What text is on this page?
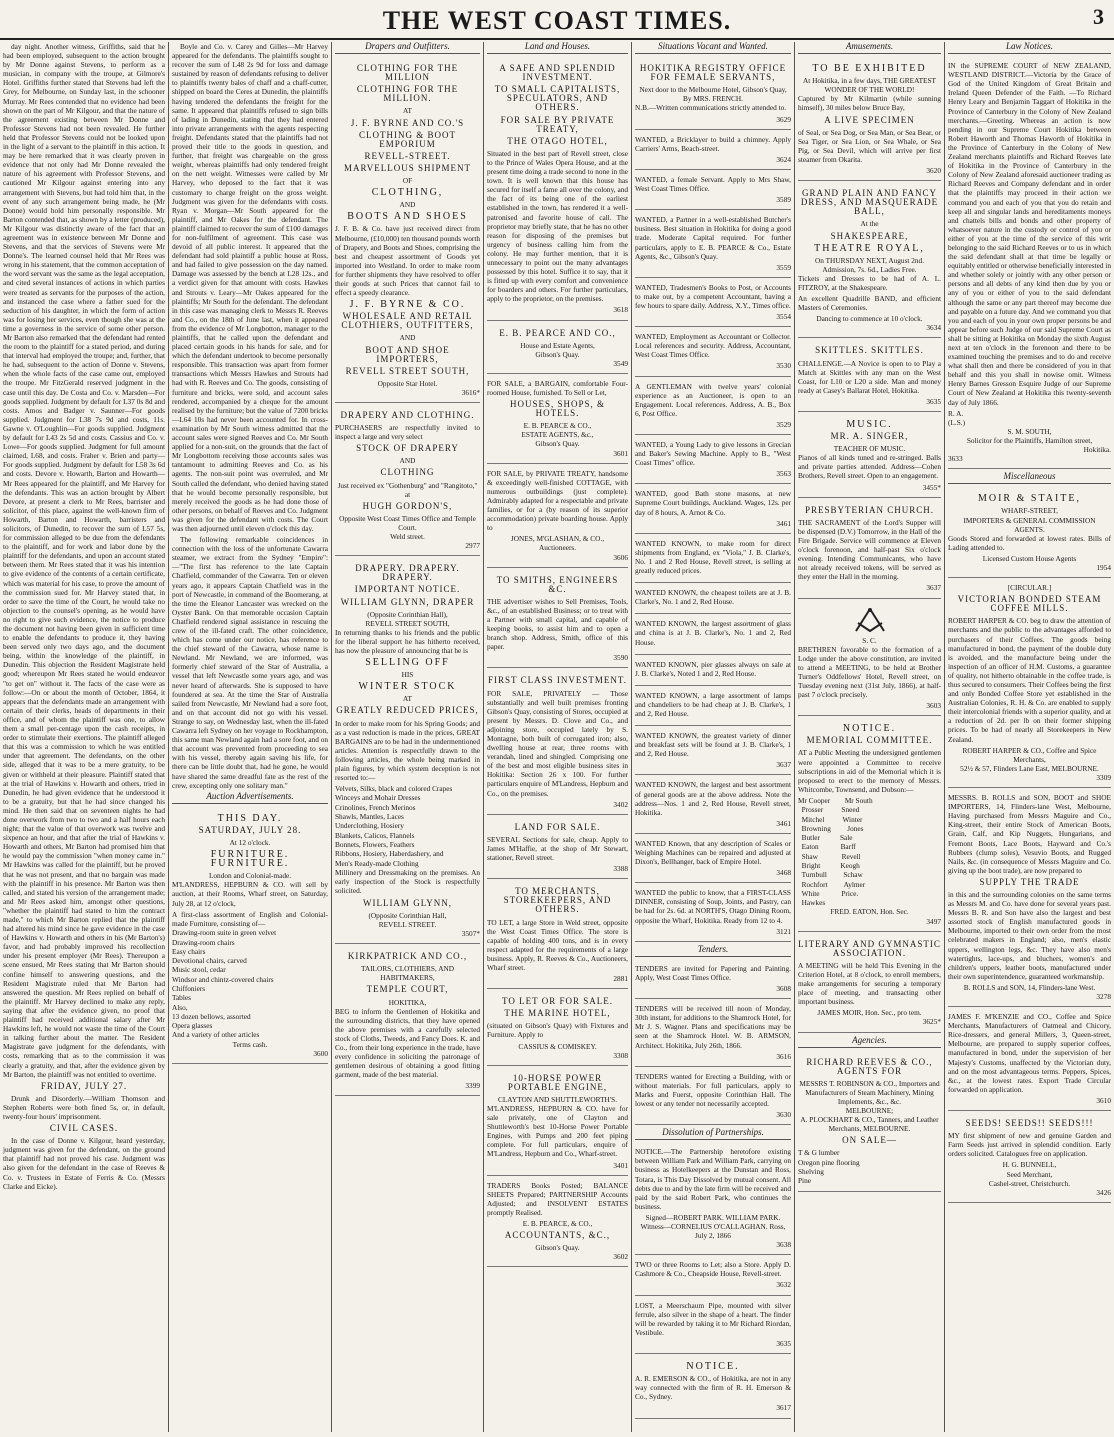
THE WEST COAST TIMES.	3

day night. Another witness, Griffiths, said that he had been employed, subsequent to the action brought by Mr Donne against Stevens, to perform as a musician, in company with the troupe, at Gilmore's Hotel. Griffiths further stated that Stevens had left the Grey, for Melbourne, on Sunday last, in the schooner Murray. Mr Rees contended that no evidence had been shown on the part of Mr Kilgour, and that the nature of the agreement existing between Mr Donne and Professor Stevens had not been revealed. He further held that Professor Stevens could not be looked upon in the light of a servant to the plaintiff in this action. It may be here remarked that it was clearly proven in evidence that not only had Mr Donne revealed the nature of his agreement with Professor Stevens, and cautioned Mr Kilgour against entering into any arrangement with Stevens, but had told him that, in the event of any such arrangement being made, he (Mr Donne) would hold him personally responsible. Mr Barton contended that, as shown by a letter (produced), Mr Kilgour was distinctly aware of the fact that an agreement was in existence between Mr Donne and Stevens, and that the services of Stevens were Mr Donne's. The learned counsel held that Mr Rees was wrong in his statement, that the common acceptation of the word servant was the same as the legal acceptation, and cited several instances of actions in which parties were treated as servants for the purposes of the action, and instanced the case where a father sued for the seduction of his daughter, in which the form of action was for losing her services, even though she was at the time a governess in the service of some other person. Mr Barton also remarked that the defendant had rented the room to the plaintiff for a stated period, and during that interval had employed the troupe; and, further, that he had, subsequent to the action of Donne v. Stevens, when the whole facts of the case came out, employed the troupe. Mr FitzGerald reserved judgment in the case until this day. De Costa and Co. v. Marsden—For goods supplied. Judgment by default for L37 0s 8d and costs. Amos and Badger v. Saunner—For goods supplied. Judgment for L38 7s 9d and costs, 11s. Gawne v. O'Loughlin—For goods supplied. Judgment by default for L43 2s 5d and costs. Cassius and Co. v. Lowe—For goods supplied. Judgment for full amount claimed, L68, and costs. Fraher v. Brien and party—For goods supplied. Judgment by default for L58 3s 6d and costs. Devore v. Howarth, Barton and Howarth—Mr Rees appeared for the plaintiff, and Mr Harvey for the defendants. This was an action brought by Albert Devore, at present a clerk to Mr Rees, barrister and solicitor, of this place, against the well-known firm of Howarth, Barton and Howarth, barristers and solicitors, of Dunedin, to recover the sum of L57 5s, for commission alleged to be due from the defendants to the plaintiff, and for work and labor done by the plaintiff for the defendants, and upon an account stated between them. Mr Rees stated that it was his intention to give evidence of the contents of a certain certificate, which was material for his case, to prove the amount of the commission sued for. Mr Harvey stated that, in order to save the time of the Court, he would take no objection to the counsel's opening, as he would have no right to give such evidence, the notice to produce the document not having been given in sufficient time to enable the defendants to produce it, they having been served only two days ago, and the document being, within the knowledge of the plaintiff, in Dunedin. This objection the Resident Magistrate held good; whereupon Mr Rees stated he would endeavor "to get on" without it. The facts of the case were as follow:—On or about the month of October, 1864, it appears that the defendants made an arrangement with certain of their clerks, heads of departments in their office, and of whom the plaintiff was one, to allow them a small per-centage upon the cash receipts, in order to stimulate their exertions. The plaintiff alleged that this was a commission to which he was entitled under that agreement. The defendants, on the other side, alleged that it was to be a mere gratuity, to be given or withheld at their pleasure. Plaintiff stated that at the trial of Hawkins v. Howarth and others, tried in Dunedin, he had given evidence that he understood it to be a gratuity, but that he had since changed his mind. He then said that on seventeen nights he had done overwork from two to two and a half hours each night; that the value of that overwork was twelve and sixpence an hour, and that after the trial of Hawkins v. Howarth and others, Mr Barton had promised him that he would pay the commission "when money came in." Mr Hawkins was called for the plaintiff, but he proved that he was not present, and that no bargain was made with the plaintiff in his presence. Mr Barton was then called, and stated his version of the arrangement made; and Mr Rees asked him, amongst other questions, "whether the plaintiff had stated to him the contract made," to which Mr Barton replied that the plaintiff had altered his mind since he gave evidence in the case of Hawkins v. Howarth and others in his (Mr Barton's) favor, and had probably improved his recollection under his present employer (Mr Rees). Thereupon a scene ensued, Mr Rees stating that Mr Barton should confine himself to answering questions, and the Resident Magistrate ruled that Mr Barton had answered the question. Mr Rees replied on behalf of the plaintiff. Mr Harvey declined to make any reply, saying that after the evidence given, no proof that plaintiff had received additional salary after Mr Hawkins left, he would not waste the time of the Court in talking further about the matter. The Resident Magistrate gave judgment for the defendants, with costs, remarking that as to the commission it was clearly a gratuity, and that, after the evidence given by Mr Barton, the plaintiff was not entitled to overtime.

FRIDAY, JULY 27.

Drunk and Disorderly.—William Thomson and Stephen Roberts were both fined 5s, or, in default, twenty-four hours' imprisonment.

CIVIL CASES.

In the case of Donne v. Kilgour, heard yesterday, judgment was given for the defendant, on the ground that plaintiff had not proved his case. Judgment was also given for the defendant in the case of Reeves & Co. v. Trustees in Estate of Ferris & Co. (Messrs Clarke and Eicke).

Boyle and Co. v. Carey and Gilles—Mr Harvey appeared for the defendants. The plaintiffs sought to recover the sum of L48 2s 9d for loss and damage sustained by reason of defendants refusing to deliver to plaintiffs twenty bales of chaff and a chaff-cutter, shipped on board the Ceres at Dunedin, the plaintiffs having tendered the defendants the freight for the same. It appeared that plaintiffs refused to sign bills of lading in Dunedin, stating that they had entered into private arrangements with the agents respecting freight. Defendants stated that the plaintiffs had not proved their title to the goods in question, and further, that freight was chargeable on the gross weight, whereas plaintiffs had only tendered freight on the nett weight. Witnesses were called by Mr Harvey, who deposed to the fact that it was customary to charge freight on the gross weight. Judgment was given for the defendants with costs. Ryan v. Morgan—Mr South appeared for the plaintiff, and Mr Oakes for the defendant. The plaintiff claimed to recover the sum of £100 damages for non-fulfilment of agreement. This case was devoid of all public interest. It appeared that the defendant had sold plaintiff a public house at Ross, and had failed to give possession on the day named. Damage was assessed by the bench at L28 12s., and a verdict given for that amount with costs. Hawkes and Strouts v. Leary—Mr Oakes appeared for the plaintiffs; Mr South for the defendant. The defendant in this case was managing clerk to Messrs R. Reeves and Co., on the 18th of June last, when it appeared from the evidence of Mr Longbotton, manager to the plaintiffs, that he called upon the defendant and placed certain goods in his hands for sale, and for which the defendant undertook to become personally responsible. This transaction was apart from former transactions which Messrs Hawkes and Strouts had had with R. Reeves and Co. The goods, consisting of furniture and bricks, were sold, and account sales rendered, accompanied by a cheque for the amount realised by the furniture; but the value of 7200 bricks—L64 10s had never been accounted for. In cross-examination by Mr South witness admitted that the account sales were signed Reeves and Co. Mr South applied for a non-suit, on the grounds that the fact of Mr Longbottom receiving those accounts sales was tantamount to admitting Reeves and Co. as his agents. The non-suit point was overruled, and Mr South called the defendant, who denied having stated that he would become personally responsible, but merely received the goods as he had done those of other persons, on behalf of Reeves and Co. Judgment was given for the defendant with costs. The Court was then adjourned until eleven o'clock this day.

The following remarkable coincidences in connection with the loss of the unfortunate Cawarra steamer, we extract from the Sydney "Empire":—"The first has reference to the late Captain Chatfield, commander of the Cawarra. Ten or eleven years ago, it appears Captain Chatfield was in the port of Newcastle, in command of the Boomerang, at the time the Eleanor Lancaster was wrecked on the Oyster Bank. On that memorable occasion Captain Chatfield rendered signal assistance in rescuing the crew of the ill-fated craft. The other coincidence, which has come under our notice, has reference to the chief steward of the Cawarra, whose name is Newland. Mr Newland, we are informed, was formerly chief steward of the Star of Australia, a vessel that left Newcastle some years ago, and was never heard of afterwards. She is supposed to have foundered at sea. At the time the Star of Australia sailed from Newcastle, Mr Newland had a sore foot, and on that account did not go with his vessel. Strange to say, on Wednesday last, when the ill-fated Cawarra left Sydney on her voyage to Rockhampton, this same man Newland again had a sore foot, and on that account was prevented from proceeding to sea with his vessel, thereby again saving his life, for there can be little doubt that, had he gone, he would have shared the same dreadful fate as the rest of the crew, excepting only one solitary man."

Auction Advertisements.
THIS DAY.
SATURDAY, JULY 28.
At 12 o'clock.
FURNITURE. FURNITURE.
London and Colonial-made.

M'LANDRESS, HEPBURN & CO. will sell by auction, at their Rooms, Wharf street, on Saturday, July 28, at 12 o'clock,

A first-class assortment of English and Colonial-made Furniture, consisting of—
Drawing-room suite in green velvet
Drawing-room chairs
Easy chairs
Devotional chairs, carved
Music stool, cedar
Windsor and chintz-covered chairs
Chiffoniers
Tables
Also,
13 dozen bellows, assorted
Opera glasses
And a variety of other articles
Terms cash.
3600
Drapers and Outfitters.
CLOTHING FOR THE MILLION
CLOTHING FOR THE MILLION.
AT
J. F. BYRNE AND CO.'S
CLOTHING & BOOT EMPORIUM
REVELL-STREET.
MARVELLOUS SHIPMENT
OF
CLOTHING,
AND
BOOTS AND SHOES

J. F. B. & Co. have just received direct from Melbourne, (£10,000) ten thousand pounds worth of Drapery, and Boots and Shoes, comprising the best and cheapest assortment of Goods yet imported into Westland. In order to make room for further shipments they have resolved to offer their goods at such Prices that cannot fail to effect a speedy clearance.

J. F. BYRNE & CO.
WHOLESALE AND RETAIL CLOTHIERS, OUTFITTERS,
AND
BOOT AND SHOE IMPORTERS,
REVELL STREET SOUTH,
Opposite Star Hotel.
3616*
DRAPERY AND CLOTHING.

PURCHASERS are respectfully invited to inspect a large and very select

STOCK OF DRAPERY
AND
CLOTHING
Just received ex "Gothenburg" and "Rangitoto," at
HUGH GORDON'S,
Opposite West Coast Times Office and Temple Court.
Weld street.
2977
DRAPERY. DRAPERY. DRAPERY.
IMPORTANT NOTICE.
WILLIAM GLYNN, DRAPER
(Opposite Corinthian Hall),
REVELL STREET SOUTH,

In returning thanks to his friends and the public for the liberal support he has hitherto received, has now the pleasure of announcing that he is

SELLING OFF
HIS
WINTER STOCK
AT
GREATLY REDUCED PRICES,

In order to make room for his Spring Goods; and as a vast reduction is made in the prices, GREAT BARGAINS are to be had in the undermentioned articles. Attention is respectfully drawn to the following articles, the whole being marked in plain figures, by which system deception is not resorted to:—

Velvets, Silks, black and colored Crapes
Winceys and Mohair Dresses
Crinolines, French Merinos
Shawls, Mantles, Laces
Underclothing, Hosiery
Blankets, Calicos, Flannels
Bonnets, Flowers, Feathers
Ribbons, Hosiery, Haberdashery, and
Men's Ready-made Clothing
Millinery and Dressmaking on the premises. An early inspection of the Stock is respectfully solicited.
WILLIAM GLYNN,
(Opposite Corinthian Hall,
REVELL STREET.
3507*
KIRKPATRICK AND CO.,
TAILORS, CLOTHIERS, AND HABITMAKERS,
TEMPLE COURT,
HOKITIKA,

BEG to inform the Gentlemen of Hokitika and the surrounding districts, that they have opened the above premises with a carefully selected stock of Cloths, Tweeds, and Fancy Does. K. and Co., from their long experience in the trade, have every confidence in soliciting the patronage of gentlemen desirous of obtaining a good fitting garment, made of the best material.

3399
Land and Houses.
A SAFE AND SPLENDID INVESTMENT.
TO SMALL CAPITALISTS, SPECULATORS, AND OTHERS.
FOR SALE BY PRIVATE TREATY,
THE OTAGO HOTEL,

Situated in the best part of Revell street, close to the Prince of Wales Opera House, and at the present time doing a trade second to none in the town. It is well known that this house has secured for itself a fame all over the colony, and the fact of its being one of the earliest established in the town, has rendered it a well-patronised and favorite house of call. The proprietor may briefly state, that he has no other reason for disposing of the premises but urgency of business calling him from the colony. He may further mention, that it is unnecessary to point out the many advantages possessed by this hotel. Suffice it to say, that it is fitted up with every comfort and convenience for boarders and others. For further particulars, apply to the proprietor, on the premises.

3618
E. B. PEARCE AND CO.,
House and Estate Agents,
Gibson's Quay.
3549

FOR SALE, a BARGAIN, comfortable Four-roomed House, furnished. To Sell or Let,

HOUSES, SHOPS, & HOTELS.
E. B. PEARCE & CO.,
ESTATE AGENTS, &c.,
Gibson's Quay.
3601

FOR SALE, by PRIVATE TREATY, handsome & exceedingly well-finished COTTAGE, with numerous outbuildings (just complete). Admirably adapted for a respectable and private families, or for a (by reason of its superior accommodation) private boarding house. Apply to

JONES, M'GLASHAN, & CO.,
Auctioneers.
3606
TO SMITHS, ENGINEERS &C.

THE advertiser wishes to Sell Premises, Tools, &c., of an established Business; or to treat with a Partner with small capital, and capable of keeping books, to assist him and to open a branch shop. Address, Smith, office of this paper.

3590
FIRST CLASS INVESTMENT.

FOR SALE, PRIVATELY — Those substantially and well built premises fronting Gibson's Quay, consisting of Stores, occupied at present by Messrs. D. Clove and Co., and adjoining store, occupied lately by S. Montagne, both built of corrugated iron; also, dwelling house at rear, three rooms with verandah, lined and shingled. Comprising one of the best and most eligible business sites in Hokitika: Section 26 x 100. For further particulars enquire of M'Landress, Hepburn and Co., on the premises.

3402
LAND FOR SALE.

SEVERAL Sections for sale, cheap. Apply to James M'Haffie, at the shop of Mr Stewart, stationer, Revell street.

3388
TO MERCHANTS, STOREKEEPERS, AND OTHERS.

TO LET, a large Store in Weld street, opposite the West Coast Times Office. The store is capable of holding 400 tons, and is in every respect adapted for the requirements of a large business. Apply, R. Reeves & Co., Auctioneers, Wharf street.

2881
TO LET OR FOR SALE.
THE MARINE HOTEL,

(situated on Gibson's Quay) with Fixtures and Furniture. Apply to

CASSIUS & COMISKEY.
3308
10-HORSE POWER PORTABLE ENGINE,
CLAYTON AND SHUTTLEWORTH'S.

M'LANDRESS, HEPBURN & CO. have for sale privately, one of Clayton and Shuttleworth's best 10-Horse Power Portable Engines, with Pumps and 200 feet piping complete. For full particulars, enquire of M'Landress, Hepburn and Co., Wharf-street.

3401

TRADERS Books Posted; BALANCE SHEETS Prepared; PARTNERSHIP Accounts Adjusted; and INSOLVENT ESTATES promptly Realised.

E. B. PEARCE, & CO.,
ACCOUNTANTS, &C.,
Gibson's Quay.
3602
Situations Vacant and Wanted.
HOKITIKA REGISTRY OFFICE FOR FEMALE SERVANTS,
Next door to the Melbourne Hotel, Gibson's Quay,
By MRS. FRENCH.

N.B.—Written communications strictly attended to.

3629

WANTED, a Bricklayer to build a chimney. Apply Carriers' Arms, Beach-street.

3624

WANTED, a female Servant. Apply to Mrs Shaw, West Coast Times Office.

3589

WANTED, a Partner in a well-established Butcher's business. Best situation in Hokitika for doing a good trade. Moderate Capital required. For further particulars, apply to E. B. PEARCE & Co., Estate Agents, &c., Gibson's Quay.

3559

WANTED, Tradesmen's Books to Post, or Accounts to make out, by a competent Accountant, having a few hours to spare daily. Address, X.Y., Times office.

3554

WANTED, Employment as Accountant or Collector. Local references and security. Address, Accountant, West Coast Times Office.

3530

A GENTLEMAN with twelve years' colonial experience as an Auctioneer, is open to an Engagement. Local references. Address, A. B., Box 6, Post Office.

3529

WANTED, a Young Lady to give lessons in Grecian and Baker's Sewing Machine. Apply to B., "West Coast Times" office.

3563

WANTED, good Bath stone masons, at new Supreme Court buildings, Auckland. Wages, 12s. per day of 8 hours, A. Arnot & Co.

3461

WANTED KNOWN, to make room for direct shipments from England, ex "Viola," J. B. Clarke's, No. 1 and 2 Red House, Revell street, is selling at greatly reduced prices.

WANTED KNOWN, the cheapest toilets are at J. B. Clarke's, No. 1 and 2, Red House.

WANTED KNOWN, the largest assortment of glass and china is at J. B. Clarke's, No. 1 and 2, Red House.

WANTED KNOWN, pier glasses always on sale at J. B. Clarke's, Noted 1 and 2, Red House.

WANTED KNOWN, a large assortment of lamps and chandeliers to be had cheap at J. B. Clarke's, 1 and 2, Red House.

WANTED KNOWN, the greatest variety of dinner and breakfast sets will be found at J. B. Clarke's, 1 and 2, Red House.

3637

WANTED KNOWN, the largest and best assortment of general goods are at the above address. Note the address—Nos. 1 and 2, Red House, Revell street, Hokitika.

3461

WANTED Known, that any description of Scales or Weighing Machines can be repaired and adjusted at Dixon's, Bellhanger, back of Empire Hotel.

3468

WANTED the public to know, that a FIRST-CLASS DINNER, consisting of Soup, Joints, and Pastry, can be had for 2s. 6d. at NORTH'S, Otago Dining Room, opposite the Wharf, Hokitika. Ready from 12 to 4.

3121
Tenders.

TENDERS are invited for Papering and Painting. Apply, West Coast Times Office.

3608

TENDERS will be received till noon of Monday, 30th instant, for additions to the Shamrock Hotel, for Mr J. S. Wagner. Plans and specifications may be seen at the Shamrock Hotel. W. B. ARMSON, Architect. Hokitika, July 26th, 1866.

3616

TENDERS wanted for Erecting a Building, with or without materials. For full particulars, apply to Marks and Fuerst, opposite Corinthian Hall. The lowest or any tender not necessarily accepted.

3630
Dissolution of Partnerships.

NOTICE.—The Partnership heretofore existing between William Park and William Park, carrying on business as Hotelkeepers at the Dunstan and Ross, Totara, is This Day Dissolved by mutual consent. All debts due to and by the late firm will be received and paid by the said Robert Park, who continues the business.

Signed—ROBERT PARK. WILLIAM PARK.
Witness—CORNELIUS O'CALLAGHAN. Ross, July 2, 1866
3638

TWO or three Rooms to Let; also a Store. Apply D. Cashmore & Co., Cheapside House, Revell-street.

3632

LOST, a Meerschaum Pipe, mounted with silver ferrule, also silver in the shape of a heart. The finder will be rewarded by taking it to Mr Richard Riordan, Vestibule.

3635
NOTICE.

A. R. EMERSON & CO., of Hokitika, are not in any way connected with the firm of R. H. Emerson & Co., Sydney.

3617
Amusements.
TO BE EXHIBITED
At Hokitika, in a few days, THE GREATEST WONDER OF THE WORLD!

Captured by Mr Kilmartin (while sunning himself), 30 miles below Bruce Bay,

A LIVE SPECIMEN

of Seal, or Sea Dog, or Sea Man, or Sea Bear, or Sea Tiger, or Sea Lion, or Sea Whale, or Sea Pig, or Sea Devil, which will arrive per first steamer from Okarita.

3620
GRAND PLAIN AND FANCY DRESS, AND MASQUERADE BALL,
At the
SHAKESPEARE,
THEATRE ROYAL,
On THURSDAY NEXT, August 2nd.
Admission, 7s. 6d., Ladies Free.

Tickets and Dresses to be had of A. L. FITZROY, at the Shakespeare.

An excellent Quadrille BAND, and efficient Masters of Ceremonies.

Dancing to commence at 10 o'clock.
3634
SKITTLES. SKITTLES.

CHALLENGE.—A Novice is open to to Play a Match at Skittles with any man on the West Coast, for L10 or L20 a side. Man and money ready at Casey's Ballarat Hotel, Hokitika.

3635
MUSIC.
MR. A. SINGER,
TEACHER OF MUSIC.

Pianos of all kinds tuned and re-stringed. Balls and private parties attended. Address—Cohen Brothers, Revell street. Open to an engagement.

3455*
PRESBYTERIAN CHURCH.

THE SACRAMENT of the Lord's Supper will be dispensed (D.V.) Tomorrow, in the Hall of the Fire Brigade. Service will commence at Eleven o'clock forenoon, and half-past Six o'clock evening. Intending Communicants, who have not already received tokens, will be served as they enter the Hall in the morning.

3637
S. C.

BRETHREN favorable to the formation of a Lodge under the above constitution, are invited to attend a MEETING, to be held at Brother Turner's Oddfellows' Hotel, Revell street, on Tuesday evening next (31st July, 1866), at half-past 7 o'clock precisely.

3603
NOTICE.
MEMORIAL COMMITTEE.

AT a Public Meeting the undersigned gentlemen were appointed a Committee to receive subscriptions in aid of the Memorial which it is proposed to erect to the memory of Messrs. Whitcombe, Townsend, and Dobson:—

Mr Cooper        Mr South
Prosser          Sneed
Mitchel          Winter
Browning         Jones
Butler           Sale
Eaton            Barff
Shaw             Revell
Bright           Keogh
Turnbull         Schaw
Rochfort         Aylmer
White            Price.
Hawkes
FRED. EATON, Hon. Sec.
3497
LITERARY AND GYMNASTIC ASSOCIATION.

A MEETING will be held This Evening in the Criterion Hotel, at 8 o'clock, to enroll members, make arrangements for securing a temporary place of meeting, and transacting other important business.

JAMES MOIR, Hon. Sec., pro tem.
3625*
Agencies.
RICHARD REEVES & CO., AGENTS FOR
MESSRS T. ROBINSON & CO., Importers and Manufacturers of Steam Machinery, Mining Implements, &c., &c.
MELBOURNE;
A. PLOCKHART & CO., Tanners, and Leather Merchants, MELBOURNE.
ON SALE—
T & G lumber
Oregon pine flooring
Shelving
Pine
Law Notices.

IN the SUPREME COURT of NEW ZEALAND, WESTLAND DISTRICT.—Victoria by the Grace of God of the United Kingdom of Great Britain and Ireland Queen Defender of the Faith. —To Richard Henry Leary and Benjamin Taggart of Hokitika in the Province of Canterbury in the Colony of New Zealand merchants.—Greeting. Whereas an action is now pending in our Supreme Court Hokitika between Robert Haworth and Thomas Haworth of Hokitika in the Province of Canterbury in the Colony of New Zealand merchants plaintiffs and Richard Reeves late of Hokitika in the Province of Canterbury in the Colony of New Zealand aforesaid auctioneer trading as Richard Reeves and Company defendant and in order that the plaintiffs may proceed in their action we command you and each of you that you do retain and keep all and singular lands and hereditaments moneys and chattels bills and bonds and other property of whatsoever nature in the custody or control of you or either of you at the time of the service of this writ belonging to the said Richard Reeves or to us in which the said defendant shall at that time be legally or equitably entitled or otherwise beneficially interested in and whether solely or jointly with any other person or persons and all debts of any kind then due by you or any of you or either of you to the said defendant although the same or any part thereof may become due and payable on a future day. And we command you that you and each of you in your own proper persons be and appear before such Judge of our said Supreme Court as shall be sitting at Hokitika on Monday the sixth August next at ten o'clock in the forenoon and there to be examined touching the premises and to do and receive what shall then and there be considered of you in that behalf and this you shall in nowise omit. Witness Henry Barnes Gresson Esquire Judge of our Supreme Court of New Zealand at Hokitika this twenty-seventh day of July 1866.

R. A.
(L.S.)
S. M. SOUTH,
Solicitor for the Plaintiffs, Hamilton street,
Hokitika.
3633
Miscellaneous
MOIR & STAITE,
WHARF-STREET,
IMPORTERS & GENERAL COMMISSION AGENTS.

Goods Stored and forwarded at lowest rates. Bills of Lading attended to.

Licensed Custom House Agents
1954
[CIRCULAR.]
VICTORIAN BONDED STEAM COFFEE MILLS.

ROBERT HARPER & CO. beg to draw the attention of merchants and the public to the advantages afforded to purchasers of their Coffees. The goods being manufactured in bond, the payment of the double duty is avoided, and the manufacture being under the inspection of an officer of H.M. Customs, a guarantee of quality, not hitherto obtainable in the coffee trade, is thus secured to consumers. Their Coffees being the first and only Bonded Coffee Store yet established in the Australian Colonies, R. H. & Co. are enabled to supply their intercolonial friends with a superior quality, and at a reduction of 2d. per lb on their former shipping prices. To be had of nearly all Storekeepers in New Zealand.

ROBERT HARPER & CO., Coffee and Spice Merchants,
52½ & 57, Flinders Lane East, MELBOURNE.
3309

MESSRS. B. ROLLS and SON, BOOT and SHOE IMPORTERS, 14, Flinders-lane West, Melbourne, Having purchased from Messrs Maguire and Co., King-street, their entire Stock of American Boots, Grain, Calf, and Kip Nuggets, Hungarians, and Fremont Boots, Lace Boots, Hayward and Co.'s Rubbers (clump soles), Vesuvio Boots, and Rugged Nails, &c. (in consequence of Messrs Maguire and Co. giving up the boot trade), are now prepared to

SUPPLY THE TRADE

in this and the surrounding colonies on the same terms as Messrs M. and Co. have done for several years past. Messrs B. R. and Son have also the largest and best assorted stock of English manufactured goods in Melbourne, imported to their own order from the most celebrated makers in England; also, men's elastic uppers, wellington legs, &c. They have also men's watertights, lace-ups, and bluchers, women's and children's uppers, leather boots, manufactured under their own superintendence, guaranteed workmanship.

B. ROLLS and SON, 14, Flinders-lane West.
3278

JAMES F. M'KENZIE and CO., Coffee and Spice Merchants, Manufacturers of Oatmeal and Chicory, Rice-dressers, and general Millers, 3, Queen-street, Melbourne, are prepared to supply superior coffees, manufactured in bond, under the supervision of her Majesty's Customs, unaffected by the Victorian duty, and on the most advantageous terms. Peppers, Spices, &c., at the lowest rates. Export Trade Circular forwarded on application.

3610
SEEDS! SEEDS!! SEEDS!!!

MY first shipment of new and genuine Garden and Farm Seeds just arrived in splendid condition. Early orders solicited. Catalogues free on application.

H. G. BUNNELL,
Seed Merchant,
Cashel-street, Christchurch.
3426
